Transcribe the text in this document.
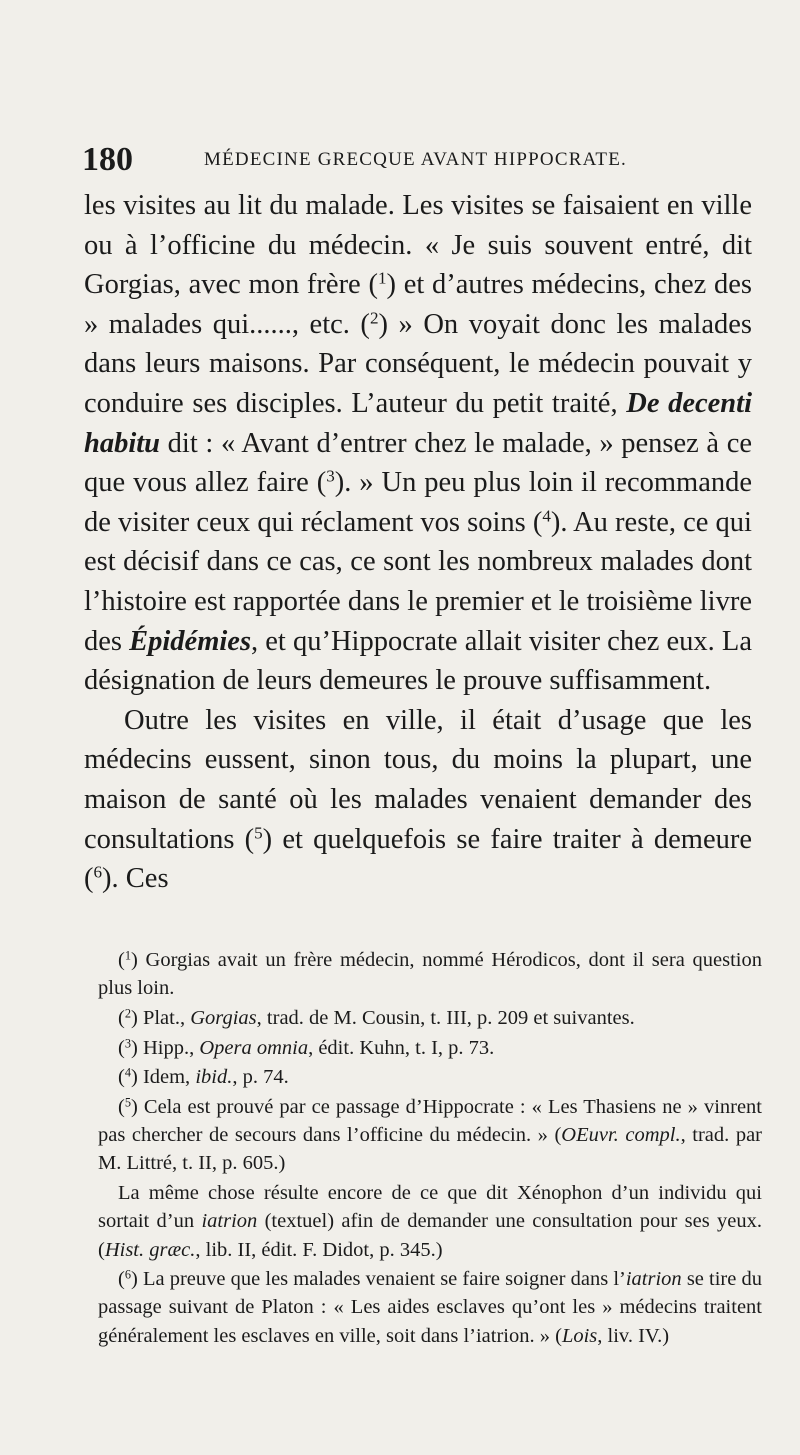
180	MÉDECINE GRECQUE AVANT HIPPOCRATE.

les visites au lit du malade. Les visites se faisaient en ville ou à l’officine du médecin. « Je suis souvent entré, dit Gorgias, avec mon frère ($^1$) et d’autres médecins, chez des » malades qui......, etc. ($^2$) » On voyait donc les malades dans leurs maisons. Par conséquent, le médecin pouvait y conduire ses disciples. L’auteur du petit traité, De decenti habitu dit : « Avant d’entrer chez le malade, » pensez à ce que vous allez faire ($^3$). » Un peu plus loin il recommande de visiter ceux qui réclament vos soins ($^4$). Au reste, ce qui est décisif dans ce cas, ce sont les nombreux malades dont l’histoire est rapportée dans le premier et le troisième livre des Épidémies, et qu’Hippocrate allait visiter chez eux. La désignation de leurs demeures le prouve suffisamment.

Outre les visites en ville, il était d’usage que les médecins eussent, sinon tous, du moins la plupart, une maison de santé où les malades venaient demander des consultations ($^5$) et quelquefois se faire traiter à demeure ($^6$). Ces

($^1$) Gorgias avait un frère médecin, nommé Hérodicos, dont il sera question plus loin.

($^2$) Plat., Gorgias, trad. de M. Cousin, t. III, p. 209 et suivantes.

($^3$) Hipp., Opera omnia, édit. Kuhn, t. I, p. 73.

($^4$) Idem, ibid., p. 74.

($^5$) Cela est prouvé par ce passage d’Hippocrate : « Les Thasiens ne » vinrent pas chercher de secours dans l’officine du médecin. » (OEuvr. compl., trad. par M. Littré, t. II, p. 605.)

La même chose résulte encore de ce que dit Xénophon d’un individu qui sortait d’un iatrion (textuel) afin de demander une consultation pour ses yeux. (Hist. græc., lib. II, édit. F. Didot, p. 345.)

($^6$) La preuve que les malades venaient se faire soigner dans l’iatrion se tire du passage suivant de Platon : « Les aides esclaves qu’ont les » médecins traitent généralement les esclaves en ville, soit dans l’iatrion. » (Lois, liv. IV.)
